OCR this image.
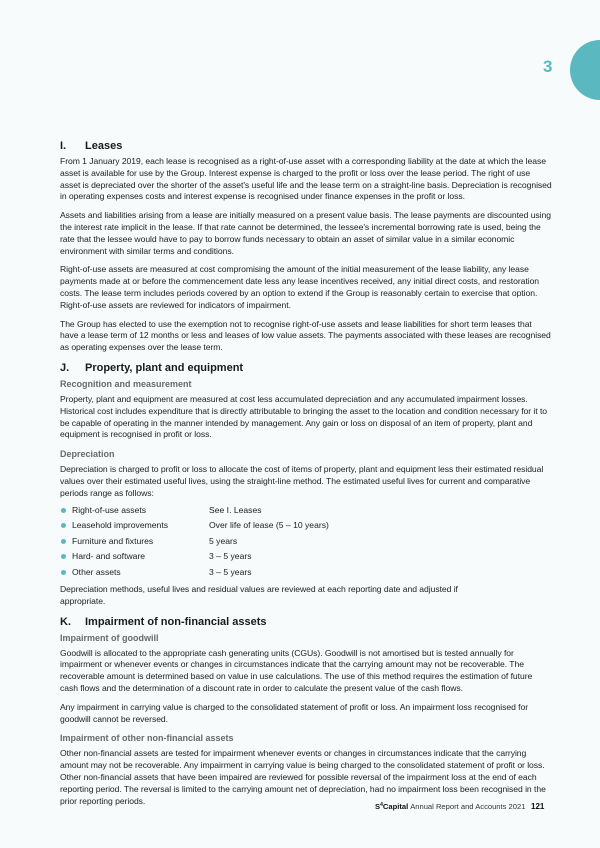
3
I.	Leases

From 1 January 2019, each lease is recognised as a right-of-use asset with a corresponding liability at the date at which the lease asset is available for use by the Group. Interest expense is charged to the profit or loss over the lease period. The right of use asset is depreciated over the shorter of the asset's useful life and the lease term on a straight-line basis. Depreciation is recognised in operating expenses costs and interest expense is recognised under finance expenses in the profit or loss.

Assets and liabilities arising from a lease are initially measured on a present value basis. The lease payments are discounted using the interest rate implicit in the lease. If that rate cannot be determined, the lessee's incremental borrowing rate is used, being the rate that the lessee would have to pay to borrow funds necessary to obtain an asset of similar value in a similar economic environment with similar terms and conditions.

Right-of-use assets are measured at cost compromising the amount of the initial measurement of the lease liability, any lease payments made at or before the commencement date less any lease incentives received, any initial direct costs, and restoration costs. The lease term includes periods covered by an option to extend if the Group is reasonably certain to exercise that option. Right-of-use assets are reviewed for indicators of impairment.

The Group has elected to use the exemption not to recognise right-of-use assets and lease liabilities for short term leases that have a lease term of 12 months or less and leases of low value assets. The payments associated with these leases are recognised as operating expenses over the lease term.

J.	Property, plant and equipment
Recognition and measurement

Property, plant and equipment are measured at cost less accumulated depreciation and any accumulated impairment losses. Historical cost includes expenditure that is directly attributable to bringing the asset to the location and condition necessary for it to be capable of operating in the manner intended by management. Any gain or loss on disposal of an item of property, plant and equipment is recognised in profit or loss.

Depreciation

Depreciation is charged to profit or loss to allocate the cost of items of property, plant and equipment less their estimated residual values over their estimated useful lives, using the straight-line method. The estimated useful lives for current and comparative periods range as follows:

Right-of-use assets	See I. Leases
Leasehold improvements	Over life of lease (5 – 10 years)
Furniture and fixtures	5 years
Hard- and software	3 – 5 years
Other assets	3 – 5 years

Depreciation methods, useful lives and residual values are reviewed at each reporting date and adjusted if appropriate.

K.	Impairment of non-financial assets
Impairment of goodwill

Goodwill is allocated to the appropriate cash generating units (CGUs). Goodwill is not amortised but is tested annually for impairment or whenever events or changes in circumstances indicate that the carrying amount may not be recoverable. The recoverable amount is determined based on value in use calculations. The use of this method requires the estimation of future cash flows and the determination of a discount rate in order to calculate the present value of the cash flows.

Any impairment in carrying value is charged to the consolidated statement of profit or loss. An impairment loss recognised for goodwill cannot be reversed.

Impairment of other non-financial assets

Other non-financial assets are tested for impairment whenever events or changes in circumstances indicate that the carrying amount may not be recoverable. Any impairment in carrying value is being charged to the consolidated statement of profit or loss. Other non-financial assets that have been impaired are reviewed for possible reversal of the impairment loss at the end of each reporting period. The reversal is limited to the carrying amount net of depreciation, had no impairment loss been recognised in the prior reporting periods.

$S^4Capital$ Annual Report and Accounts 2021 121
